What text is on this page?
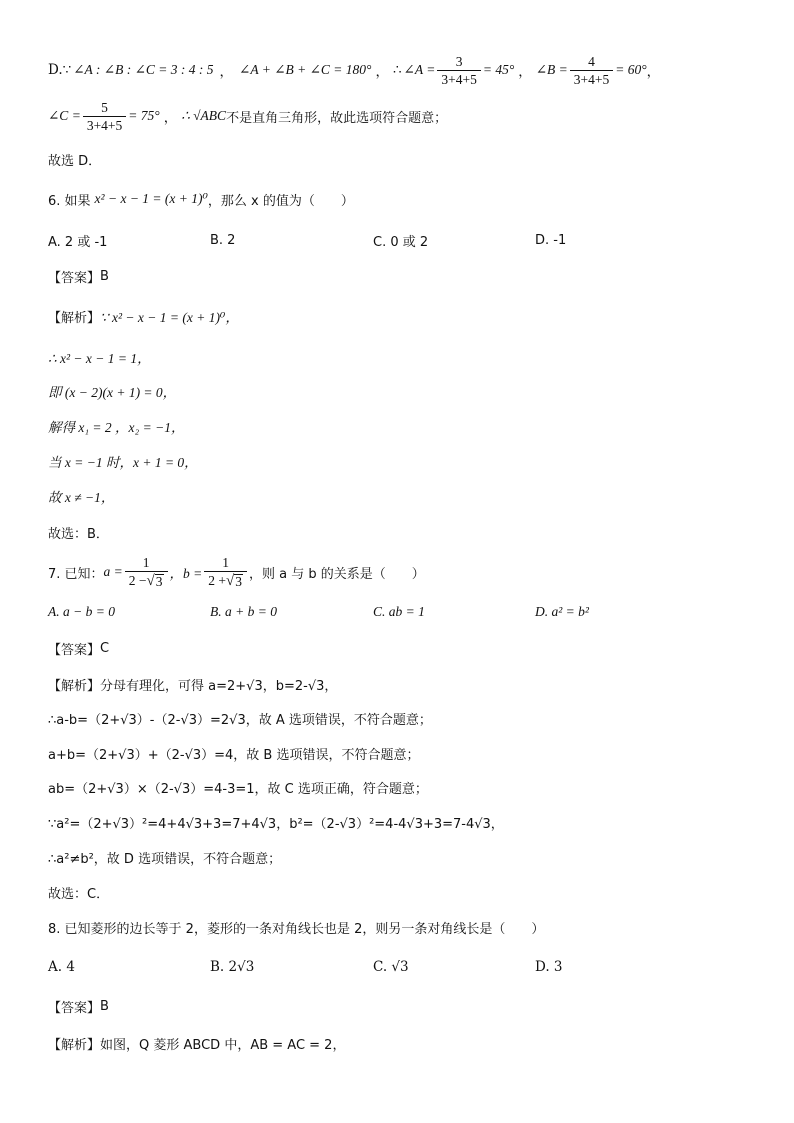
D. ∵ ∠A : ∠B : ∠C = 3 : 4 : 5 ， ∠A + ∠B + ∠C = 180° ， ∴ ∠A = $\frac{3}{3+4+5} = 45^\circ$ ， ∠B = $\frac{4}{3+4+5} = 60^\circ$ ，
∠C = $\frac{5}{3+4+5} = 75^\circ$ ， ∴ √ABC 不是直角三角形，故此选项符合题意；
故选 D．
6. 如果 x² − x − 1 = (x + 1)⁰ ，那么 x 的值为（　　）
A. 2 或 -1	B. 2	C. 0 或 2	D. -1
【答案】 B
【解析】 ∵ x² − x − 1 = (x + 1)⁰，
∴ x² − x − 1 = 1，
即 (x − 2)(x + 1) = 0，
解得 x₁ = 2 ，x₂ = −1，
当 x = −1 时，x + 1 = 0，
故 x ≠ −1，
故选：B．
7. 已知： $a = \frac{1}{2 - √ 3}$ ，$b = \frac{1}{2 + √ 3}$ ，则 a 与 b 的关系是（　　）
A. a − b = 0	B. a + b = 0	C. ab = 1	D. a² = b²
【答案】 C
【解析】 分母有理化，可得 a=2+√3，b=2-√3，
∴a-b=（2+√3）-（2-√3）=2√3，故 A 选项错误，不符合题意；
a+b=（2+√3）+（2-√3）=4，故 B 选项错误，不符合题意；
ab=（2+√3）×（2-√3）=4-3=1，故 C 选项正确，符合题意；
∵a²=（2+√3）²=4+4√3+3=7+4√3，b²=（2-√3）²=4-4√3+3=7-4√3，
∴a²≠b²，故 D 选项错误，不符合题意；
故选：C．
8. 已知菱形的边长等于 2，菱形的一条对角线长也是 2，则另一条对角线长是（　　）
A. 4	B. 2√3	C. √3	D. 3
【答案】 B
【解析】 如图，Q 菱形 ABCD 中，AB = AC = 2，
